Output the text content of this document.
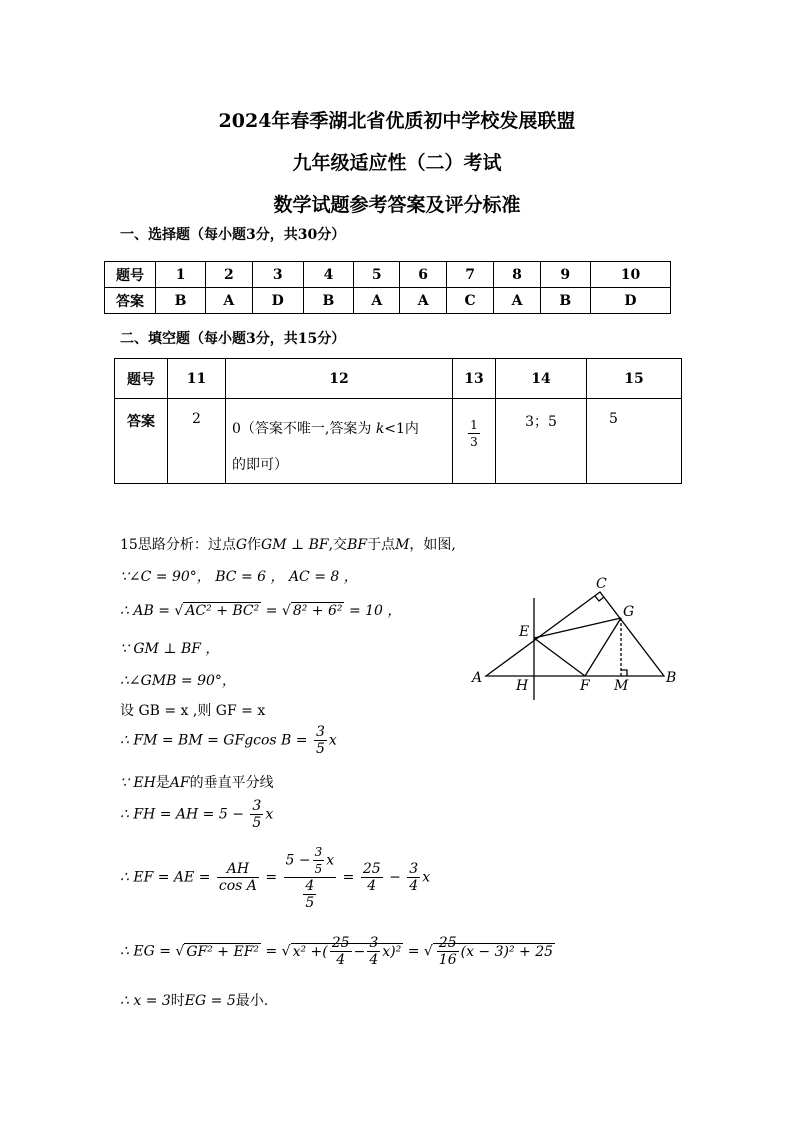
2024年春季湖北省优质初中学校发展联盟
九年级适应性（二）考试
数学试题参考答案及评分标准
一、选择题（每小题3分，共30分）
题号	1	2	3	4	5	6	7	8	9	10
答案	B	A	D	B	A	A	C	A	B	D
二、填空题（每小题3分，共15分）
题号	11	12	13	14	15
答案	2	0（答案不唯一,答案为 k<1内
的即可）	$\frac{1}{3}$	3；5	5
15思路分析：过点G作GM ⊥ BF,交BF于点M，如图,
∵∠C = 90°， BC = 6 ， AC = 8 ，
∴ AB = √ AC² + BC² = √ 8² + 6² = 10 ，
∵ GM ⊥ BF ，
∴∠GMB = 90°，
设 GB = x ,则 GF = x
∴ FM = BM = GFgcos $B = \frac{3}{5}$ x
∵ EH是AF的垂直平分线
∴ FH = AH = $5 - \frac{3}{5}$ x
∴ EF = AE = $\frac{AH}{\text{cos A}} = \frac{5 - \frac{3}{5} x}{\frac{4}{5}} = \frac{25}{4} - \frac{3}{4}$ x
∴ EG = √ GF² + EF² = √ x² +( $\frac{25}{4} - \frac{3}{4} x)^2$ = √ $\frac{25}{16} (x - 3)^2 + 25$
∴ x = 3时EG = 5最小.
A	B
C
E
F
G
H	M
